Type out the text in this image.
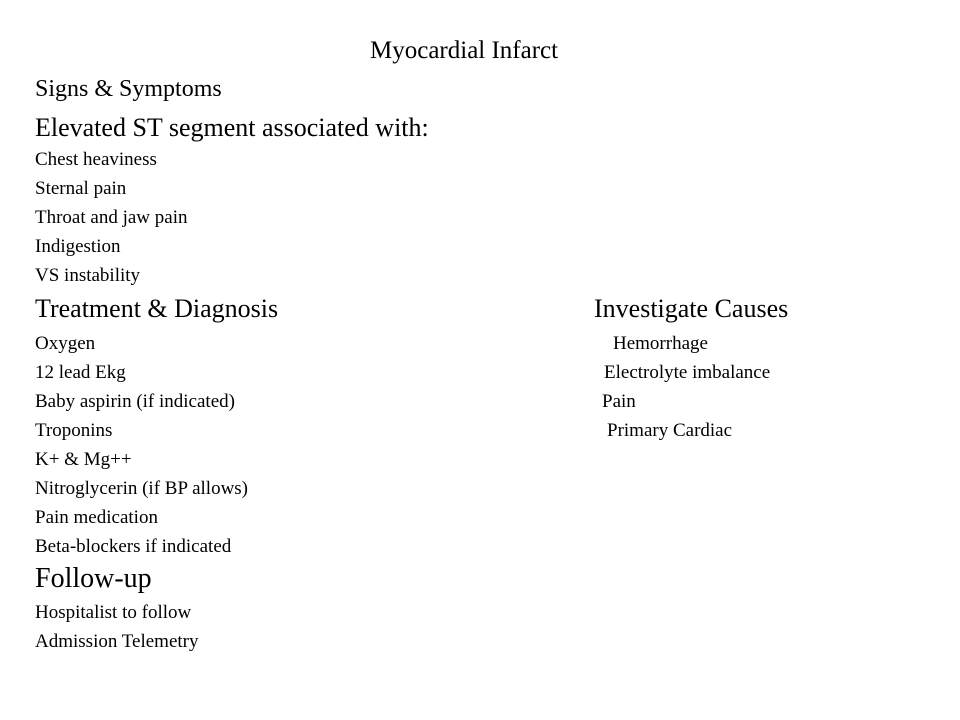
Myocardial Infarct
Signs & Symptoms
Elevated ST segment associated with:
Chest heaviness
Sternal pain
Throat and jaw pain
Indigestion
VS instability
Treatment & Diagnosis	Investigate Causes
Oxygen
12 lead Ekg
Baby aspirin (if indicated)
Troponins
K+ & Mg++
Nitroglycerin (if BP allows)
Pain medication
Beta-blockers if indicated
Hemorrhage
Electrolyte imbalance
Pain
Primary Cardiac
Follow-up
Hospitalist to follow
Admission Telemetry
